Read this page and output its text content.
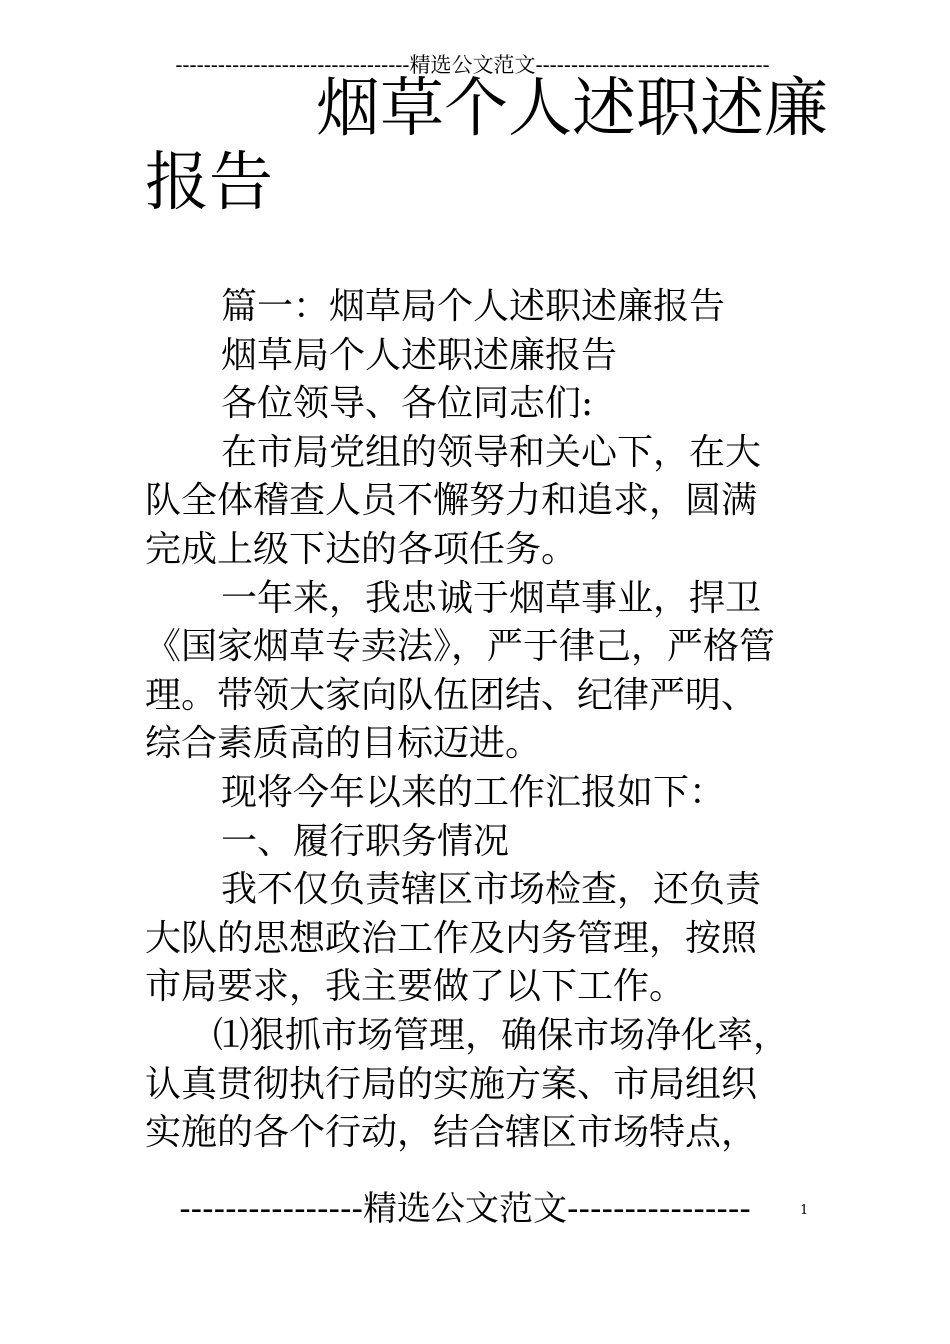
---------------------------------精选公文范文---------------------------------
烟草个人述职述廉
报告

篇一：烟草局个人述职述廉报告

烟草局个人述职述廉报告

各位领导、各位同志们:

在市局党组的领导和关心下，在大

队全体稽查人员不懈努力和追求，圆满

完成上级下达的各项任务。

一年来，我忠诚于烟草事业，捍卫

《国家烟草专卖法》，严于律己，严格管

理。带领大家向队伍团结、纪律严明、

综合素质高的目标迈进。

现将今年以来的工作汇报如下：

一、履行职务情况

我不仅负责辖区市场检查，还负责

大队的思想政治工作及内务管理，按照

市局要求，我主要做了以下工作。

⑴狠抓市场管理，确保市场净化率，

认真贯彻执行局的实施方案、市局组织

实施的各个行动，结合辖区市场特点，

----------------精选公文范文----------------	1
